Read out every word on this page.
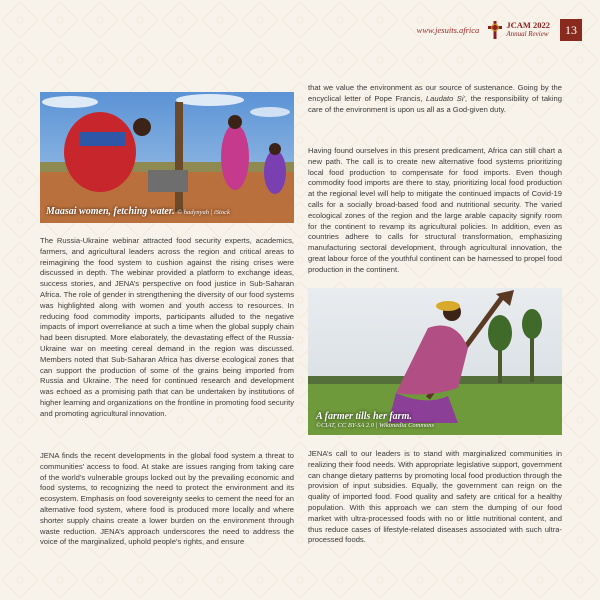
www.jesuits.africa	JCAM 2022
Annual Review	13
Maasai women, fetching water. © hadynyah | iStock
A farmer tills her farm.
©CIAT, CC BY-SA 2.0 | Wikimedia Commons

The Russia-Ukraine webinar attracted food security experts, academics, farmers, and agricultural leaders across the region and critical areas to reimagining the food system to cushion against the rising crises were discussed in depth. The webinar provided a platform to exchange ideas, success stories, and JENA’s perspective on food justice in Sub-Saharan Africa. The role of gender in strengthening the diversity of our food systems was highlighted along with women and youth access to resources. In reducing food commodity imports, participants alluded to the negative impacts of import overreliance at such a time when the global supply chain had been disrupted. More elaborately, the devastating effect of the Russia-Ukraine war on meeting cereal demand in the region was discussed. Members noted that Sub-Saharan Africa has diverse ecological zones that can support the production of some of the grains being imported from Russia and Ukraine. The need for continued research and development was echoed as a promising path that can be undertaken by institutions of higher learning and organizations on the frontline in promoting food security and promoting agricultural innovation.

JENA finds the recent developments in the global food system a threat to communities’ access to food. At stake are issues ranging from taking care of the world’s vulnerable groups locked out by the prevailing economic and food systems, to recognizing the need to protect the environment and its ecosystem. Emphasis on food sovereignty seeks to cement the need for an alternative food system, where food is produced more locally and where shorter supply chains create a lower burden on the environment through waste reduction. JENA’s approach underscores the need to address the voice of the marginalized, uphold people’s rights, and ensure

that we value the environment as our source of sustenance. Going by the encyclical letter of Pope Francis, Laudato Si’, the responsibility of taking care of the environment is upon us all as a God-given duty.

Having found ourselves in this present predicament, Africa can still chart a new path. The call is to create new alternative food systems prioritizing local food production to compensate for food imports. Even though commodity food imports are there to stay, prioritizing local food production at the regional level will help to mitigate the continued impacts of Covid-19 calls for a socially broad-based food and nutritional security. The varied ecological zones of the region and the large arable capacity signify room for the continent to revamp its agricultural policies. In addition, even as countries adhere to calls for structural transformation, emphasizing manufacturing sectoral development, through agricultural innovation, the great labour force of the youthful continent can be harnessed to propel food production in the continent.

JENA’s call to our leaders is to stand with marginalized communities in realizing their food needs. With appropriate legislative support, government can change dietary patterns by promoting local food production through the provision of input subsidies. Equally, the government can reign on the quality of imported food. Food quality and safety are critical for a healthy population. With this approach we can stem the dumping of our food market with ultra-processed foods with no or little nutritional content, and thus reduce cases of lifestyle-related diseases associated with such ultra-processed foods.
